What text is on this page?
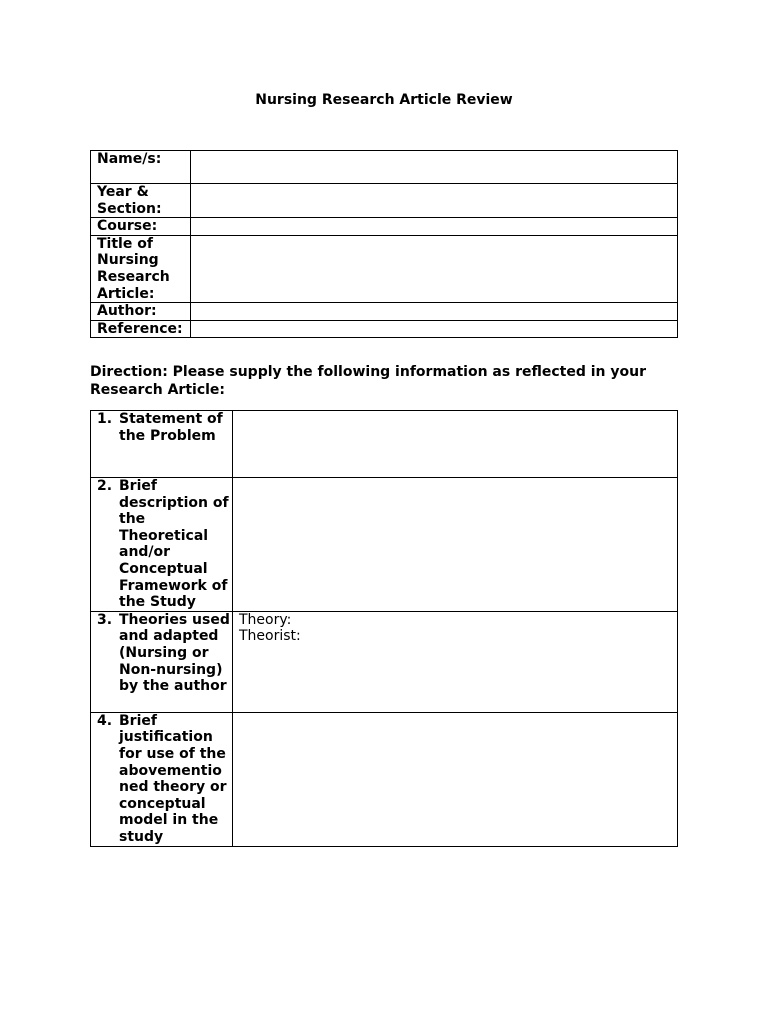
Nursing Research Article Review
Name/s:	
Year & Section:	
Course:	
Title of Nursing Research Article:	
Author:	
Reference:	
Direction: Please supply the following information as reflected in your Research Article:
1. Statement of the Problem	

2. Brief description of the Theoretical and/or Conceptual Framework of the Study	

3. Theories used and adapted (Nursing or Non-nursing) by the author	Theory:
Theorist:

4. Brief justification for use of the abovementio ned theory or conceptual model in the study	
